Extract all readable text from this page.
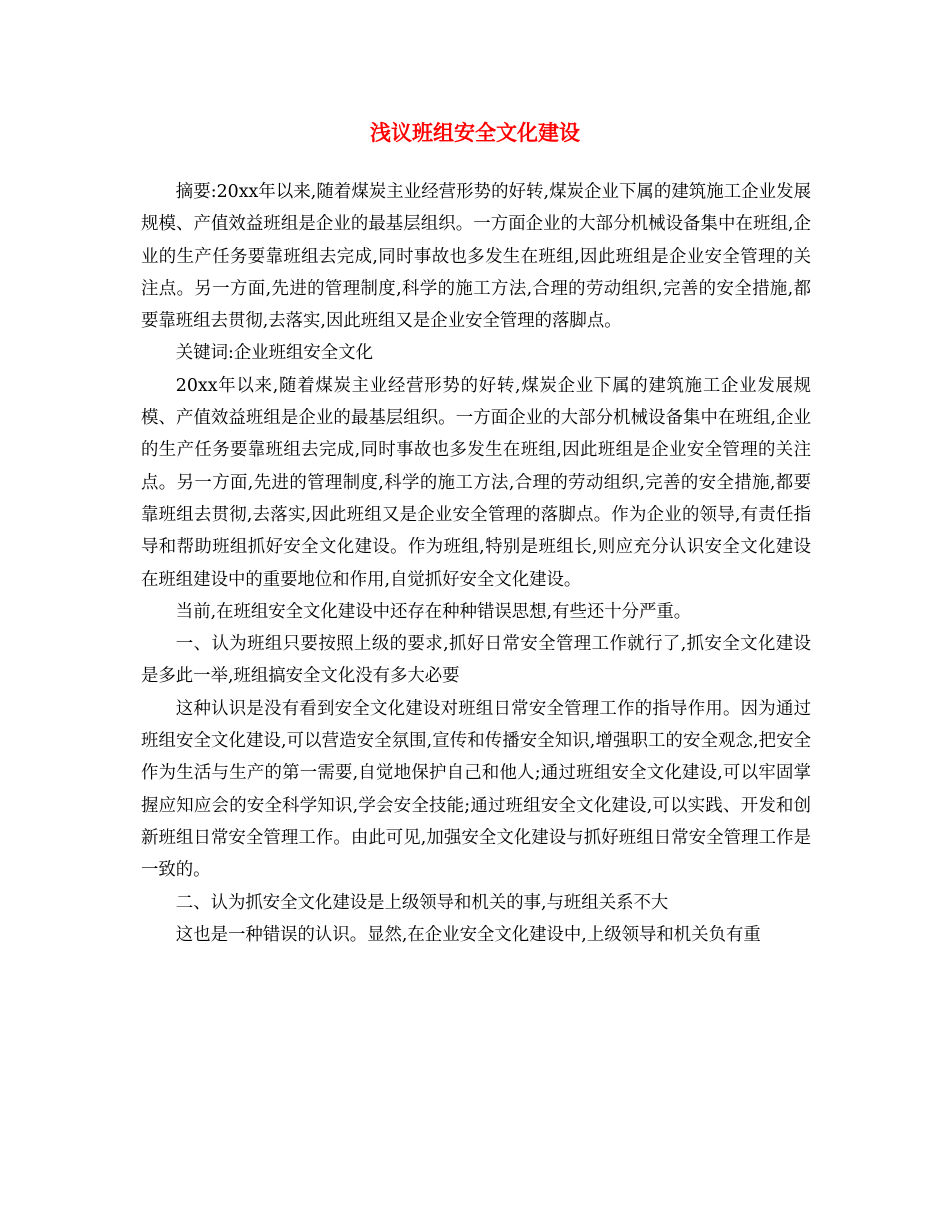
浅议班组安全文化建设

摘要:20xx年以来,随着煤炭主业经营形势的好转,煤炭企业下属的建筑施工企业发展规模、产值效益班组是企业的最基层组织。一方面企业的大部分机械设备集中在班组,企业的生产任务要靠班组去完成,同时事故也多发生在班组,因此班组是企业安全管理的关注点。另一方面,先进的管理制度,科学的施工方法,合理的劳动组织,完善的安全措施,都要靠班组去贯彻,去落实,因此班组又是企业安全管理的落脚点。

关键词:企业班组安全文化

20xx年以来,随着煤炭主业经营形势的好转,煤炭企业下属的建筑施工企业发展规模、产值效益班组是企业的最基层组织。一方面企业的大部分机械设备集中在班组,企业的生产任务要靠班组去完成,同时事故也多发生在班组,因此班组是企业安全管理的关注点。另一方面,先进的管理制度,科学的施工方法,合理的劳动组织,完善的安全措施,都要靠班组去贯彻,去落实,因此班组又是企业安全管理的落脚点。作为企业的领导,有责任指导和帮助班组抓好安全文化建设。作为班组,特别是班组长,则应充分认识安全文化建设在班组建设中的重要地位和作用,自觉抓好安全文化建设。

当前,在班组安全文化建设中还存在种种错误思想,有些还十分严重。

一、认为班组只要按照上级的要求,抓好日常安全管理工作就行了,抓安全文化建设是多此一举,班组搞安全文化没有多大必要

这种认识是没有看到安全文化建设对班组日常安全管理工作的指导作用。因为通过班组安全文化建设,可以营造安全氛围,宣传和传播安全知识,增强职工的安全观念,把安全作为生活与生产的第一需要,自觉地保护自己和他人;通过班组安全文化建设,可以牢固掌握应知应会的安全科学知识,学会安全技能;通过班组安全文化建设,可以实践、开发和创新班组日常安全管理工作。由此可见,加强安全文化建设与抓好班组日常安全管理工作是一致的。

二、认为抓安全文化建设是上级领导和机关的事,与班组关系不大

这也是一种错误的认识。显然,在企业安全文化建设中,上级领导和机关负有重
